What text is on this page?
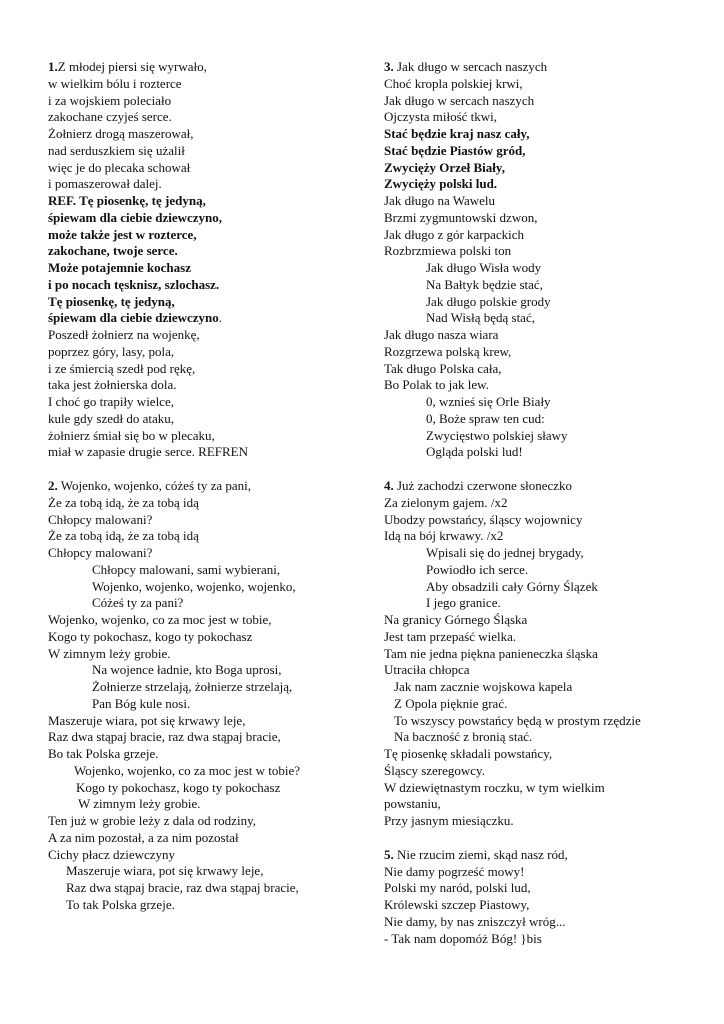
1.Z młodej piersi się wyrwało,
w wielkim bólu i rozterce
i za wojskiem poleciało
zakochane czyjeś serce.
Żołnierz drogą maszerował,
nad serduszkiem się użalił
więc je do plecaka schował
i pomaszerował dalej.
REF. Tę piosenkę, tę jedyną,
śpiewam dla ciebie dziewczyno,
może także jest w rozterce,
zakochane, twoje serce.
Może potajemnie kochasz
i po nocach tęsknisz, szlochasz.
Tę piosenkę, tę jedyną,
śpiewam dla ciebie dziewczyno.
Poszedł żołnierz na wojenkę,
poprzez góry, lasy, pola,
i ze śmiercią szedł pod rękę,
taka jest żołnierska dola.
I choć go trapiły wielce,
kule gdy szedł do ataku,
żołnierz śmiał się bo w plecaku,
miał w zapasie drugie serce. REFREN
2. Wojenko, wojenko, cóżeś ty za pani,
Że za tobą idą, że za tobą idą
Chłopcy malowani?
Że za tobą idą, że za tobą idą
Chłopcy malowani?
Chłopcy malowani, sami wybierani,
Wojenko, wojenko, wojenko, wojenko,
Cóżeś ty za pani?
Wojenko, wojenko, co za moc jest w tobie,
Kogo ty pokochasz, kogo ty pokochasz
W zimnym leży grobie.
Na wojence ładnie, kto Boga uprosi,
Żołnierze strzelają, żołnierze strzelają,
Pan Bóg kule nosi.
Maszeruje wiara, pot się krwawy leje,
Raz dwa stąpaj bracie, raz dwa stąpaj bracie,
Bo tak Polska grzeje.
Wojenko, wojenko, co za moc jest w tobie?
Kogo ty pokochasz, kogo ty pokochasz
W zimnym leży grobie.
Ten już w grobie leży z dala od rodziny,
A za nim pozostał, a za nim pozostał
Cichy płacz dziewczyny
Maszeruje wiara, pot się krwawy leje,
Raz dwa stąpaj bracie, raz dwa stąpaj bracie,
To tak Polska grzeje.
3. Jak długo w sercach naszych
Choć kropla polskiej krwi,
Jak długo w sercach naszych
Ojczysta miłość tkwi,
Stać będzie kraj nasz cały,
Stać będzie Piastów gród,
Zwycięży Orzeł Biały,
Zwycięży polski lud.
Jak długo na Wawelu
Brzmi zygmuntowski dzwon,
Jak długo z gór karpackich
Rozbrzmiewa polski ton
Jak długo Wisła wody
Na Bałtyk będzie stać,
Jak długo polskie grody
Nad Wisłą będą stać,
Jak długo nasza wiara
Rozgrzewa polską krew,
Tak długo Polska cała,
Bo Polak to jak lew.
0, wznieś się Orle Biały
0, Boże spraw ten cud:
Zwycięstwo polskiej sławy
Ogląda polski lud!
4. Już zachodzi czerwone słoneczko
Za zielonym gajem. /x2
Ubodzy powstańcy, śląscy wojownicy
Idą na bój krwawy. /x2
Wpisali się do jednej brygady,
Powiodło ich serce.
Aby obsadzili cały Górny Ślązek
I jego granice.
Na granicy Górnego Śląska
Jest tam przepaść wielka.
Tam nie jedna piękna panieneczka śląska
Utraciła chłopca
Jak nam zacznie wojskowa kapela
Z Opola pięknie grać.
To wszyscy powstańcy będą w prostym rzędzie
Na baczność z bronią stać.
Tę piosenkę składali powstańcy,
Śląscy szeregowcy.
W dziewiętnastym roczku, w tym wielkim
powstaniu,
Przy jasnym miesiączku.
5. Nie rzucim ziemi, skąd nasz ród,
Nie damy pogrześć mowy!
Polski my naród, polski lud,
Królewski szczep Piastowy,
Nie damy, by nas zniszczył wróg...
- Tak nam dopomóż Bóg! }bis
